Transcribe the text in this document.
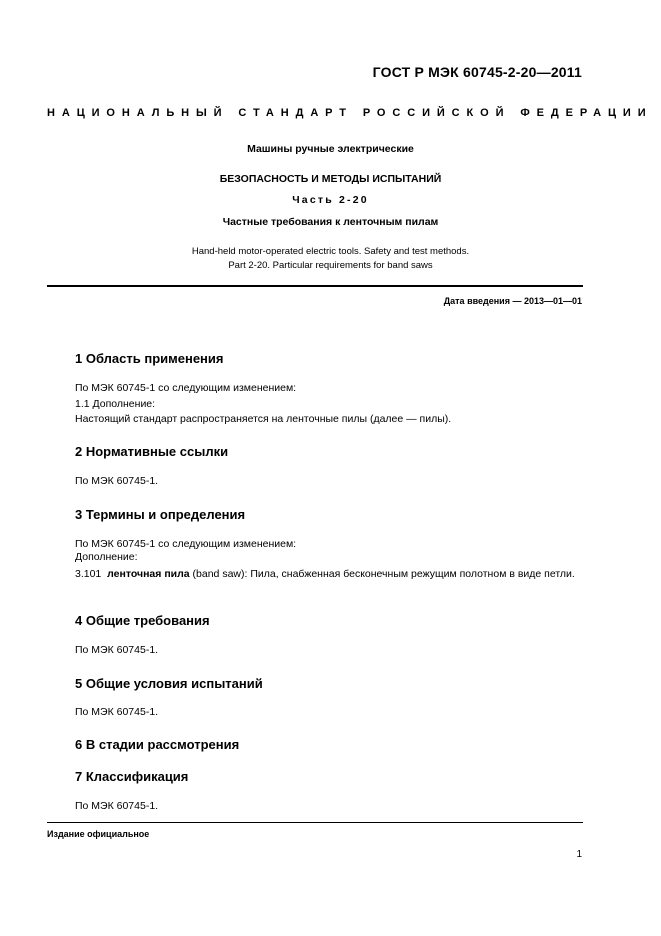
ГОСТ Р МЭК 60745-2-20—2011
НАЦИОНАЛЬНЫЙ СТАНДАРТ РОССИЙСКОЙ ФЕДЕРАЦИИ
Машины ручные электрические
БЕЗОПАСНОСТЬ И МЕТОДЫ ИСПЫТАНИЙ
Часть 2-20
Частные требования к ленточным пилам
Hand-held motor-operated electric tools. Safety and test methods.
Part 2-20. Particular requirements for band saws
Дата введения — 2013—01—01
1 Область применения
По МЭК 60745-1 со следующим изменением:
1.1 Дополнение:
Настоящий стандарт распространяется на ленточные пилы (далее — пилы).
2 Нормативные ссылки
По МЭК 60745-1.
3 Термины и определения
По МЭК 60745-1 со следующим изменением:
Дополнение:
3.101 ленточная пила (band saw): Пила, снабженная бесконечным режущим полотном в виде петли.
4 Общие требования
По МЭК 60745-1.
5 Общие условия испытаний
По МЭК 60745-1.
6 В стадии рассмотрения
7 Классификация
По МЭК 60745-1.
Издание официальное
1
